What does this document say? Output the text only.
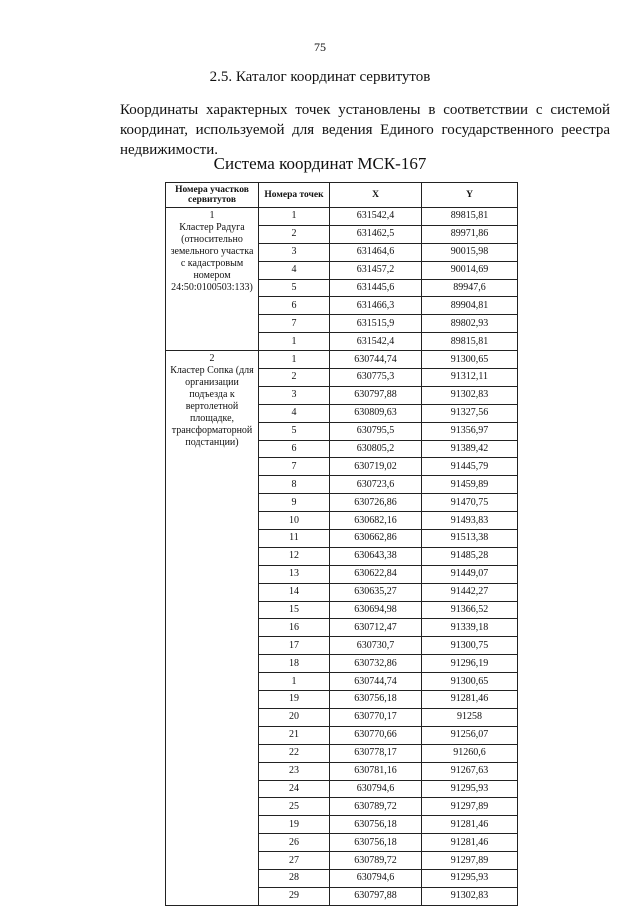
75
2.5. Каталог координат сервитутов
Координаты характерных точек установлены в соответствии с системой координат, используемой для ведения Единого государственного реестра недвижимости.
Система координат МСК-167
Номера участков сервитутов	Номера точек	X	Y

1
Кластер Радуга (относительно земельного участка с кадастровым номером 24:50:0100503:133)	1	631542,4	89815,81
	2	631462,5	89971,86
	3	631464,6	90015,98
	4	631457,2	90014,69
	5	631445,6	89947,6
	6	631466,3	89904,81
	7	631515,9	89802,93
	1	631542,4	89815,81

2
Кластер Сопка (для организации подъезда к вертолетной площадке, трансформаторной подстанции)	1	630744,74	91300,65
	2	630775,3	91312,11
	3	630797,88	91302,83
	4	630809,63	91327,56
	5	630795,5	91356,97
	6	630805,2	91389,42
	7	630719,02	91445,79
	8	630723,6	91459,89
	9	630726,86	91470,75
	10	630682,16	91493,83
	11	630662,86	91513,38
	12	630643,38	91485,28
	13	630622,84	91449,07
	14	630635,27	91442,27
	15	630694,98	91366,52
	16	630712,47	91339,18
	17	630730,7	91300,75
	18	630732,86	91296,19
	1	630744,74	91300,65
	19	630756,18	91281,46
	20	630770,17	91258
	21	630770,66	91256,07
	22	630778,17	91260,6
	23	630781,16	91267,63
	24	630794,6	91295,93
	25	630789,72	91297,89
	19	630756,18	91281,46
	26	630756,18	91281,46
	27	630789,72	91297,89
	28	630794,6	91295,93
	29	630797,88	91302,83
